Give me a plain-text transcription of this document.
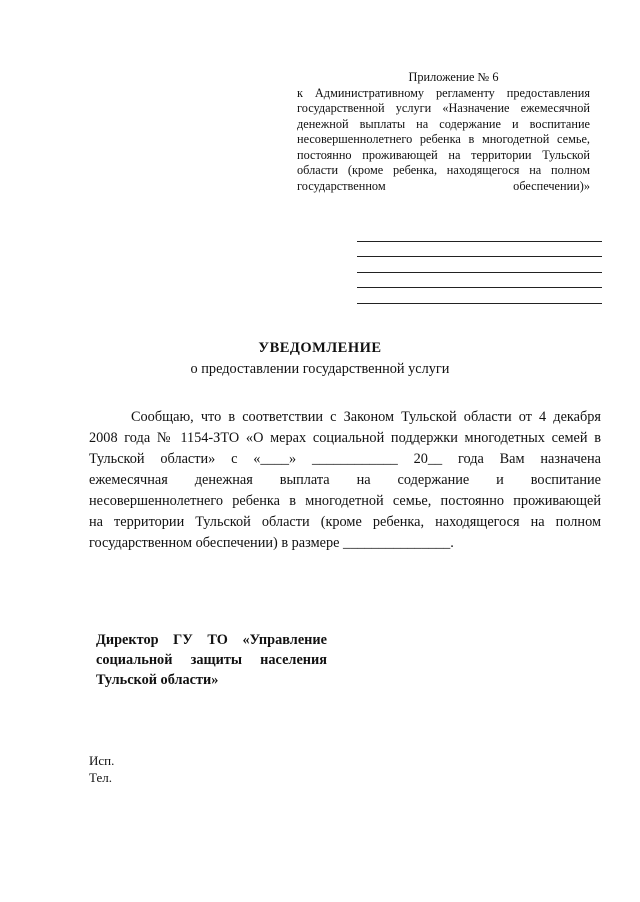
Приложение № 6
к Административному регламенту предоставления государственной услуги «Назначение ежемесячной денежной выплаты на содержание и воспитание несовершеннолетнего ребенка в многодетной семье, постоянно проживающей на территории Тульской области (кроме ребенка, находящегося на полном государственном обеспечении)»
УВЕДОМЛЕНИЕ
о предоставлении государственной услуги
Сообщаю, что в соответствии с Законом Тульской области от 4 декабря
2008 года № 1154-ЗТО «О мерах социальной поддержки многодетных семей в
Тульской области» с «____» ____________ 20__ года Вам назначена
ежемесячная денежная выплата на содержание и воспитание
несовершеннолетнего ребенка в многодетной семье, постоянно проживающей
на территории Тульской области (кроме ребенка, находящегося на полном
государственном обеспечении) в размере _______________.
Директор ГУ ТО «Управление
социальной защиты населения
Тульской области»
Исп.
Тел.
